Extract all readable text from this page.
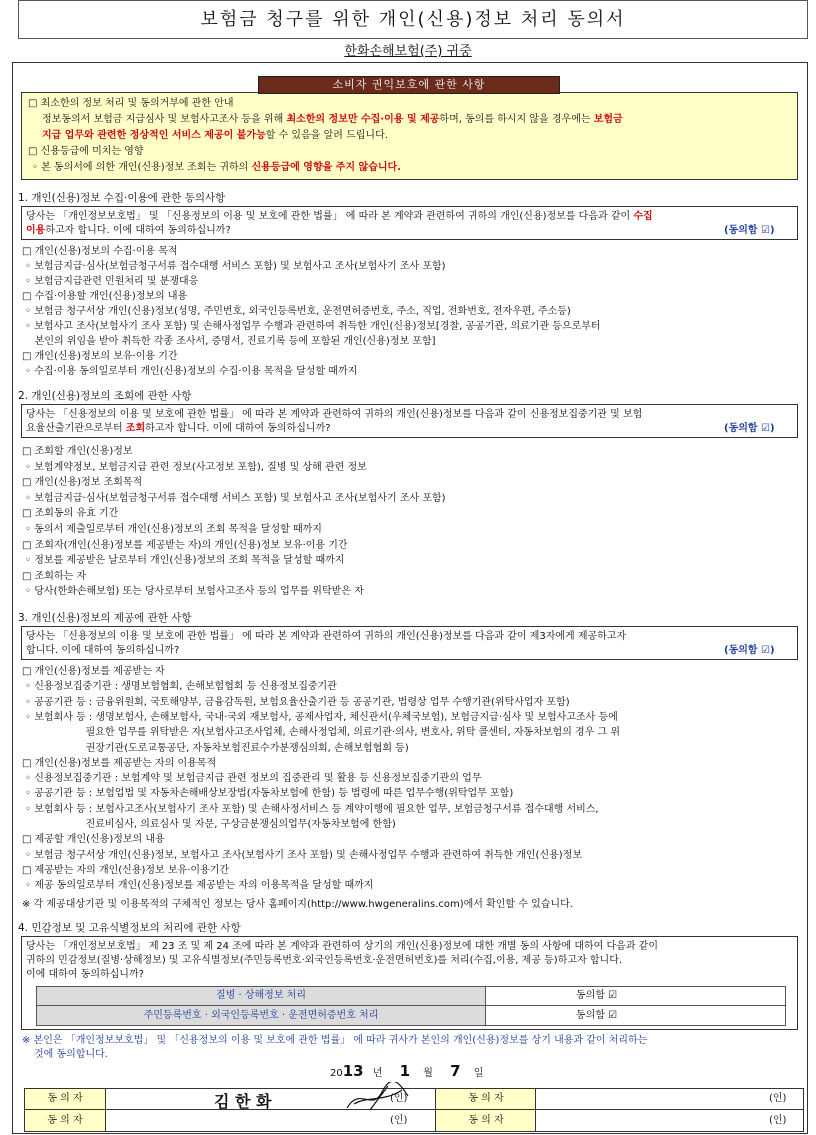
보험금 청구를 위한 개인(신용)정보 처리 동의서
한화손해보험(주) 귀중
소비자 권익보호에 관한 사항
□ 최소한의 정보 처리 및 동의거부에 관한 안내
정보동의서 보험금 지급심사 및 보험사고조사 등을 위해 최소한의 정보만 수집·이용 및 제공하며, 동의를 하시지 않을 경우에는 보험금
지급 업무와 관련한 정상적인 서비스 제공이 불가능할 수 있음을 알려 드립니다.
□ 신용등급에 미치는 영향
◦ 본 동의서에 의한 개인(신용)정보 조회는 귀하의 신용등급에 영향을 주지 않습니다.
1. 개인(신용)정보 수집·이용에 관한 동의사항
당사는 「개인정보보호법」 및 「신용정보의 이용 및 보호에 관한 법률」 에 따라 본 계약과 관련하여 귀하의 개인(신용)정보를 다음과 같이 수집
이용하고자 합니다. 이에 대하여 동의하십니까?	(동의함 ☑)
□ 개인(신용)정보의 수집·이용 목적
◦ 보험금지급·심사(보험금청구서류 접수대행 서비스 포함) 및 보험사고 조사(보험사기 조사 포함)
◦ 보험금지급관련 민원처리 및 분쟁대응
□ 수집·이용할 개인(신용)정보의 내용
◦ 보험금 청구서상 개인(신용)정보(성명, 주민번호, 외국인등록번호, 운전면허증번호, 주소, 직업, 전화번호, 전자우편, 주소등)
◦ 보험사고 조사(보험사기 조사 포함) 및 손해사정업무 수행과 관련하여 취득한 개인(신용)정보[경찰, 공공기관, 의료기관 등으로부터
본인의 위임을 받아 취득한 각종 조사서, 증명서, 진료기록 등에 포함된 개인(신용)정보 포함]
□ 개인(신용)정보의 보유·이용 기간
◦ 수집·이용 동의일로부터 개인(신용)정보의 수집·이용 목적을 달성할 때까지
2. 개인(신용)정보의 조회에 관한 사항
당사는 「신용정보의 이용 및 보호에 관한 법률」 에 따라 본 계약과 관련하여 귀하의 개인(신용)정보를 다음과 같이 신용정보집중기관 및 보험
요율산출기관으로부터 조회하고자 합니다. 이에 대하여 동의하십니까?	(동의함 ☑)
□ 조회할 개인(신용)정보
◦ 보험계약정보, 보험금지급 관련 정보(사고정보 포함), 질병 및 상해 관련 정보
□ 개인(신용)정보 조회목적
◦ 보험금지급·심사(보험금청구서류 접수대행 서비스 포함) 및 보험사고 조사(보험사기 조사 포함)
□ 조회동의 유효 기간
◦ 동의서 제출일로부터 개인(신용)정보의 조회 목적을 달성할 때까지
□ 조회자(개인(신용)정보를 제공받는 자)의 개인(신용)정보 보유·이용 기간
◦ 정보를 제공받은 날로부터 개인(신용)정보의 조회 목적을 달성할 때까지
□ 조회하는 자
◦ 당사(한화손해보험) 또는 당사로부터 보험사고조사 등의 업무를 위탁받은 자
3. 개인(신용)정보의 제공에 관한 사항
당사는 「신용정보의 이용 및 보호에 관한 법률」 에 따라 본 계약과 관련하여 귀하의 개인(신용)정보를 다음과 같이 제3자에게 제공하고자
합니다. 이에 대하여 동의하십니까?	(동의함 ☑)
□ 개인(신용)정보를 제공받는 자
◦ 신용정보집중기관 : 생명보험협회, 손해보험협회 등 신용정보집중기관
◦ 공공기관 등 : 금융위원회, 국토해양부, 금융감독원, 보험요율산출기관 등 공공기관, 법령상 업무 수행기관(위탁사업자 포함)
◦ 보험회사 등 : 생명보험사, 손해보험사, 국내·국외 재보험사, 공제사업자, 체신관서(우체국보험), 보험금지급·심사 및 보험사고조사 등에
필요한 업무를 위탁받은 자(보험사고조사업체, 손해사정업체, 의료기관·의사, 변호사, 위탁 콜센터, 자동차보험의 경우 그 위
권장기관(도로교통공단, 자동차보험진료수가분쟁심의회, 손해보험협회 등)
□ 개인(신용)정보를 제공받는 자의 이용목적
◦ 신용정보집중기관 : 보험계약 및 보험금지급 관련 정보의 집중관리 및 활용 등 신용정보집중기관의 업무
◦ 공공기관 등 : 보험업법 및 자동차손해배상보장법(자동차보험에 한함) 등 법령에 따른 업무수행(위탁업무 포함)
◦ 보험회사 등 : 보험사고조사(보험사기 조사 포함) 및 손해사정서비스 등 계약이행에 필요한 업무, 보험금청구서류 접수대행 서비스,
진료비심사, 의료심사 및 자문, 구상금분쟁심의업무(자동차보험에 한함)
□ 제공할 개인(신용)정보의 내용
◦ 보험금 청구서상 개인(신용)정보, 보험사고 조사(보험사기 조사 포함) 및 손해사정업무 수행과 관련하여 취득한 개인(신용)정보
□ 제공받는 자의 개인(신용)정보 보유·이용기간
◦ 제공 동의일로부터 개인(신용)정보를 제공받는 자의 이용목적을 달성할 때까지
※ 각 제공대상기관 및 이용목적의 구체적인 정보는 당사 홈페이지(http://www.hwgeneralins.com)에서 확인할 수 있습니다.
4. 민감정보 및 고유식별정보의 처리에 관한 사항
당사는 「개인정보보호법」 제 23 조 및 제 24 조에 따라 본 계약과 관련하여 상기의 개인(신용)정보에 대한 개별 동의 사항에 대하여 다음과 같이
귀하의 민감정보(질병·상해정보) 및 고유식별정보(주민등록번호·외국인등록번호·운전면허번호)를 처리(수집,이용, 제공 등)하고자 합니다.
이에 대하여 동의하십니까?
질병 · 상해정보 처리	동의함 ☑
주민등록번호 · 외국인등록번호 · 운전면허증번호 처리	동의함 ☑
※ 본인은 「개인정보보호법」 및 「신용정보의 이용 및 보호에 관한 법률」 에 따라 귀사가 본인의 개인(신용)정보를 상기 내용과 같이 처리하는
것에 동의합니다.
2013 년 1 월 7 일
동 의 자	김 한 화	(인)	동 의 자	(인)
동 의 자	(인)	동 의 자	(인)
